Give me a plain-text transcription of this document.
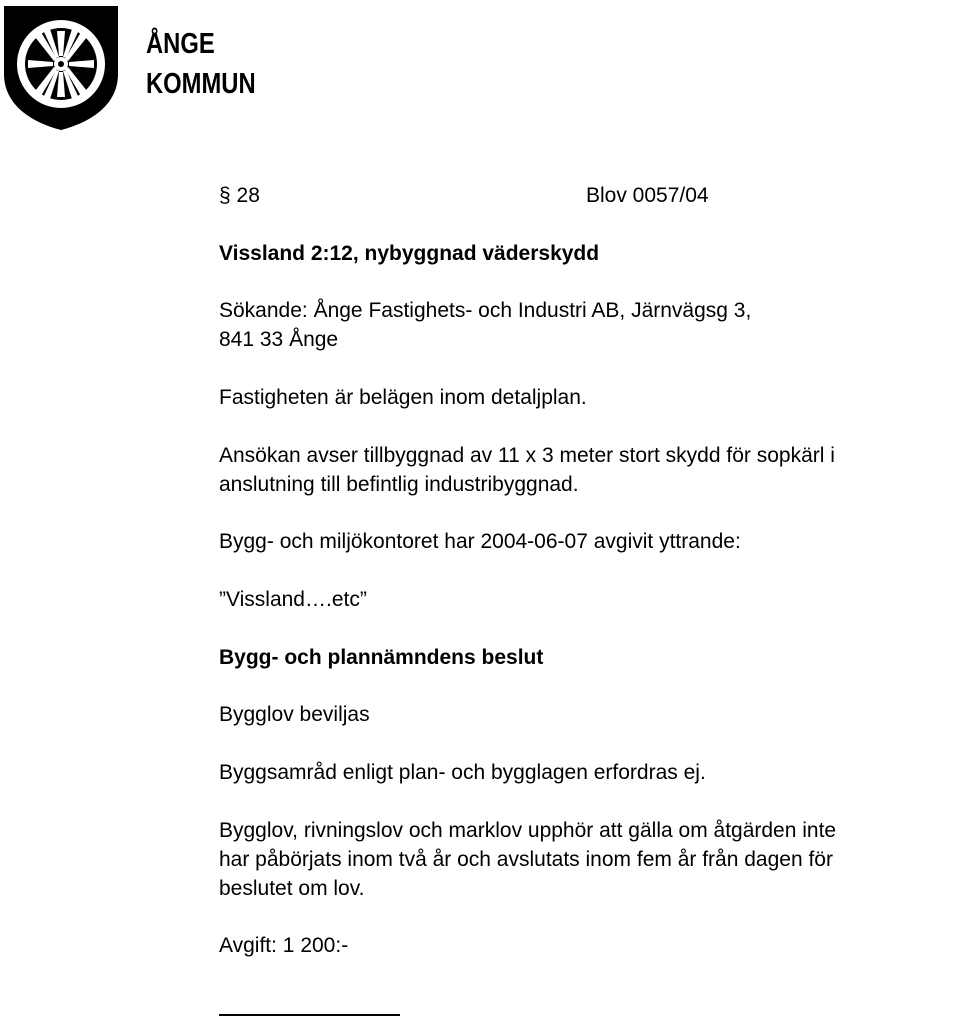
ÅNGE
KOMMUN
§ 28	Blov 0057/04
Vissland 2:12, nybyggnad väderskydd
Sökande: Ånge Fastighets- och Industri AB, Järnvägsg 3,
841 33 Ånge
Fastigheten är belägen inom detaljplan.
Ansökan avser tillbyggnad av 11 x 3 meter stort skydd för sopkärl i
anslutning till befintlig industribyggnad.
Bygg- och miljökontoret har 2004-06-07 avgivit yttrande:
”Vissland….etc”
Bygg- och plannämndens beslut
Bygglov beviljas
Byggsamråd enligt plan- och bygglagen erfordras ej.
Bygglov, rivningslov och marklov upphör att gälla om åtgärden inte
har påbörjats inom två år och avslutats inom fem år från dagen för
beslutet om lov.
Avgift: 1 200:-
